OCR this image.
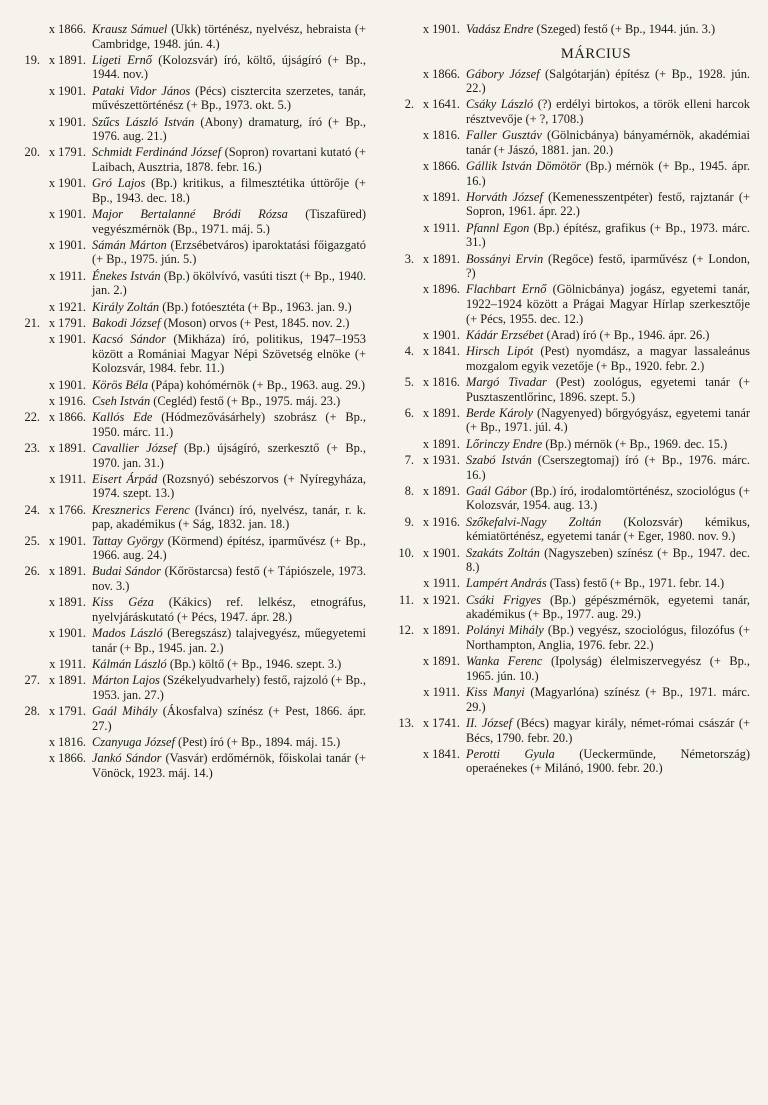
x 1866. Krausz Sámuel (Ukk) történész, nyelvész, hebraista (+ Cambridge, 1948. jún. 4.)
19. x 1891. Ligeti Ernő (Kolozsvár) író, költő, újságíró (+ Bp., 1944. nov.)
x 1901. Pataki Vidor János (Pécs) cisztercita szerzetes, tanár, művészettörténész (+ Bp., 1973. okt. 5.)
x 1901. Szűcs László István (Abony) dramaturg, író (+ Bp., 1976. aug. 21.)
20. x 1791. Schmidt Ferdinánd József (Sopron) rovartani kutató (+ Laibach, Ausztria, 1878. febr. 16.)
x 1901. Gró Lajos (Bp.) kritikus, a filmesztétika úttörője (+ Bp., 1943. dec. 18.)
x 1901. Major Bertalanné Bródi Rózsa (Tiszafüred) vegyészmérnök (Bp., 1971. máj. 5.)
x 1901. Sámán Márton (Erzsébetváros) iparoktatási főigazgató (+ Bp., 1975. jún. 5.)
x 1911. Énekes István (Bp.) ökölvívó, vasúti tiszt (+ Bp., 1940. jan. 2.)
x 1921. Király Zoltán (Bp.) fotóesztéta (+ Bp., 1963. jan. 9.)
21. x 1791. Bakodi József (Moson) orvos (+ Pest, 1845. nov. 2.)
x 1901. Kacsó Sándor (Mikháza) író, politikus, 1947–1953 között a Romániai Magyar Népi Szövetség elnöke (+ Kolozsvár, 1984. febr. 11.)
x 1901. Körös Béla (Pápa) kohómérnök (+ Bp., 1963. aug. 29.)
x 1916. Cseh István (Cegléd) festő (+ Bp., 1975. máj. 23.)
22. x 1866. Kallós Ede (Hódmezővásárhely) szobrász (+ Bp., 1950. márc. 11.)
23. x 1891. Cavallier József (Bp.) újságíró, szerkesztő (+ Bp., 1970. jan. 31.)
x 1911. Eisert Árpád (Rozsnyó) sebészorvos (+ Nyíregyháza, 1974. szept. 13.)
24. x 1766. Kresznerics Ferenc (Iváncı) író, nyelvész, tanár, r. k. pap, akadémikus (+ Ság, 1832. jan. 18.)
25. x 1901. Tattay György (Körmend) építész, iparművész (+ Bp., 1966. aug. 24.)
26. x 1891. Budai Sándor (Kőröstarcsa) festő (+ Tápiószele, 1973. nov. 3.)
x 1891. Kiss Géza (Kákics) ref. lelkész, etnográfus, nyelvjáráskutató (+ Pécs, 1947. ápr. 28.)
x 1901. Mados László (Beregszász) talajvegyész, műegyetemi tanár (+ Bp., 1945. jan. 2.)
x 1911. Kálmán László (Bp.) költő (+ Bp., 1946. szept. 3.)
27. x 1891. Márton Lajos (Székelyudvarhely) festő, rajzoló (+ Bp., 1953. jan. 27.)
28. x 1791. Gaál Mihály (Ákosfalva) színész (+ Pest, 1866. ápr. 27.)
x 1816. Czanyuga József (Pest) író (+ Bp., 1894. máj. 15.)
x 1866. Jankó Sándor (Vasvár) erdőmérnök, főiskolai tanár (+ Vönöck, 1923. máj. 14.)
x 1901. Vadász Endre (Szeged) festő (+ Bp., 1944. jún. 3.)
MÁRCIUS
x 1866. Gábory József (Salgótarján) építész (+ Bp., 1928. jún. 22.)
2. x 1641. Csáky László (?) erdélyi birtokos, a török elleni harcok résztvevője (+ ?, 1708.)
x 1816. Faller Gusztáv (Gölnicbánya) bányamérnök, akadémiai tanár (+ Jászó, 1881. jan. 20.)
x 1866. Gállik István Dömötör (Bp.) mérnök (+ Bp., 1945. ápr. 16.)
x 1891. Horváth József (Kemenesszentpéter) festő, rajztanár (+ Sopron, 1961. ápr. 22.)
x 1911. Pfannl Egon (Bp.) építész, grafikus (+ Bp., 1973. márc. 31.)
3. x 1891. Bossányi Ervin (Regőce) festő, iparművész (+ London, ?)
x 1896. Flachbart Ernő (Gölnicbánya) jogász, egyetemi tanár, 1922–1924 között a Prágai Magyar Hírlap szerkesztője (+ Pécs, 1955. dec. 12.)
x 1901. Kádár Erzsébet (Arad) író (+ Bp., 1946. ápr. 26.)
4. x 1841. Hirsch Lipót (Pest) nyomdász, a magyar lassaleánus mozgalom egyik vezetője (+ Bp., 1920. febr. 2.)
5. x 1816. Margó Tivadar (Pest) zoológus, egyetemi tanár (+ Pusztaszentlőrinc, 1896. szept. 5.)
6. x 1891. Berde Károly (Nagyenyed) bőrgyógyász, egyetemi tanár (+ Bp., 1971. júl. 4.)
x 1891. Lőrinczy Endre (Bp.) mérnök (+ Bp., 1969. dec. 15.)
7. x 1931. Szabó István (Cserszegtomaj) író (+ Bp., 1976. márc. 16.)
8. x 1891. Gaál Gábor (Bp.) író, irodalomtörténész, szociológus (+ Kolozsvár, 1954. aug. 13.)
9. x 1916. Szőkefalvi-Nagy Zoltán (Kolozsvár) kémikus, kémiatörténész, egyetemi tanár (+ Eger, 1980. nov. 9.)
10. x 1901. Szakáts Zoltán (Nagyszeben) színész (+ Bp., 1947. dec. 8.)
x 1911. Lampért András (Tass) festő (+ Bp., 1971. febr. 14.)
11. x 1921. Csáki Frigyes (Bp.) gépészmérnök, egyetemi tanár, akadémikus (+ Bp., 1977. aug. 29.)
12. x 1891. Polányi Mihály (Bp.) vegyész, szociológus, filozófus (+ Northampton, Anglia, 1976. febr. 22.)
x 1891. Wanka Ferenc (Ipolyság) élelmiszervegyész (+ Bp., 1965. jún. 10.)
x 1911. Kiss Manyi (Magyarlóna) színész (+ Bp., 1971. márc. 29.)
13. x 1741. II. József (Bécs) magyar király, német-római császár (+ Bécs, 1790. febr. 20.)
x 1841. Perotti Gyula (Ueckermünde, Németország) operaénekes (+ Milánó, 1900. febr. 20.)
